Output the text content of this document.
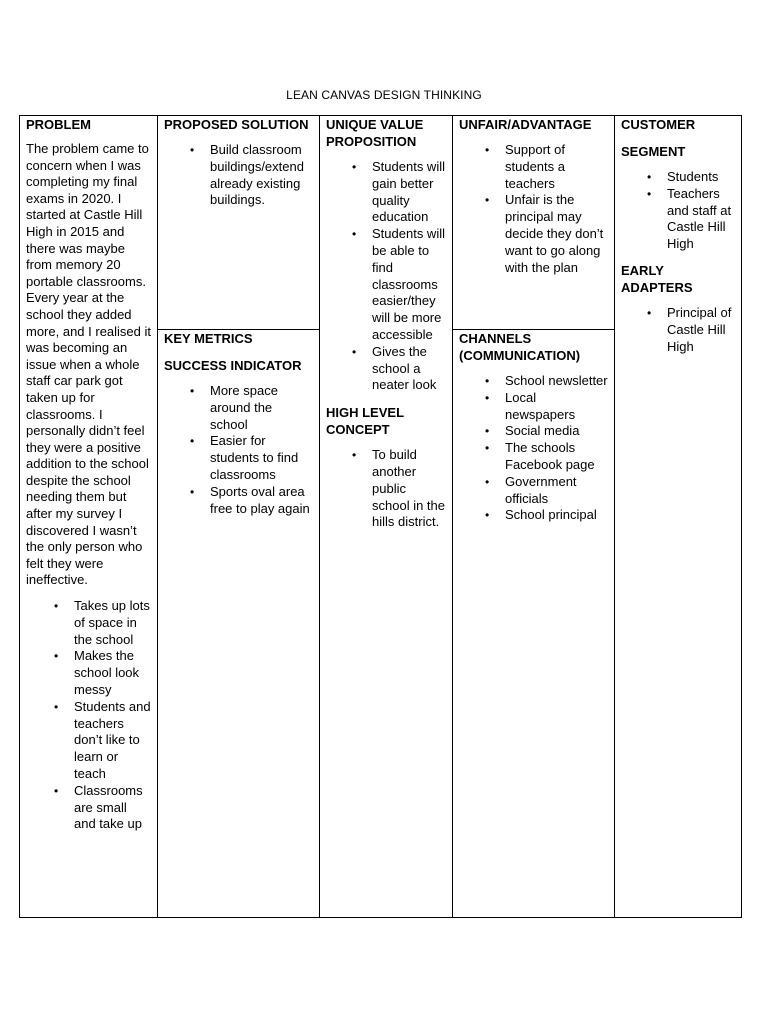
LEAN CANVAS DESIGN THINKING

PROBLEM

The problem came to concern when I was completing my final exams in 2020. I started at Castle Hill High in 2015 and there was maybe from memory 20 portable classrooms. Every year at the school they added more, and I realised it was becoming an issue when a whole staff car park got taken up for classrooms. I personally didn’t feel they were a positive addition to the school despite the school needing them but after my survey I discovered I wasn’t the only person who felt they were ineffective.

• Takes up lots of space in the school
• Makes the school look messy
• Students and teachers don’t like to learn or teach
• Classrooms are small and take up

PROPOSED SOLUTION

• Build classroom buildings/extend already existing buildings.

KEY METRICS

SUCCESS INDICATOR

• More space around the school
• Easier for students to find classrooms
• Sports oval area free to play again

UNIQUE VALUE PROPOSITION

• Students will gain better quality education
• Students will be able to find classrooms easier/they will be more accessible
• Gives the school a neater look

HIGH LEVEL CONCEPT

• To build another public school in the hills district.

UNFAIR/ADVANTAGE

• Support of students a teachers
• Unfair is the principal may decide they don’t want to go along with the plan

CHANNELS (COMMUNICATION)

• School newsletter
• Local newspapers
• Social media
• The schools Facebook page
• Government officials
• School principal

CUSTOMER

SEGMENT

• Students
• Teachers and staff at Castle Hill High

EARLY ADAPTERS

• Principal of Castle Hill High
